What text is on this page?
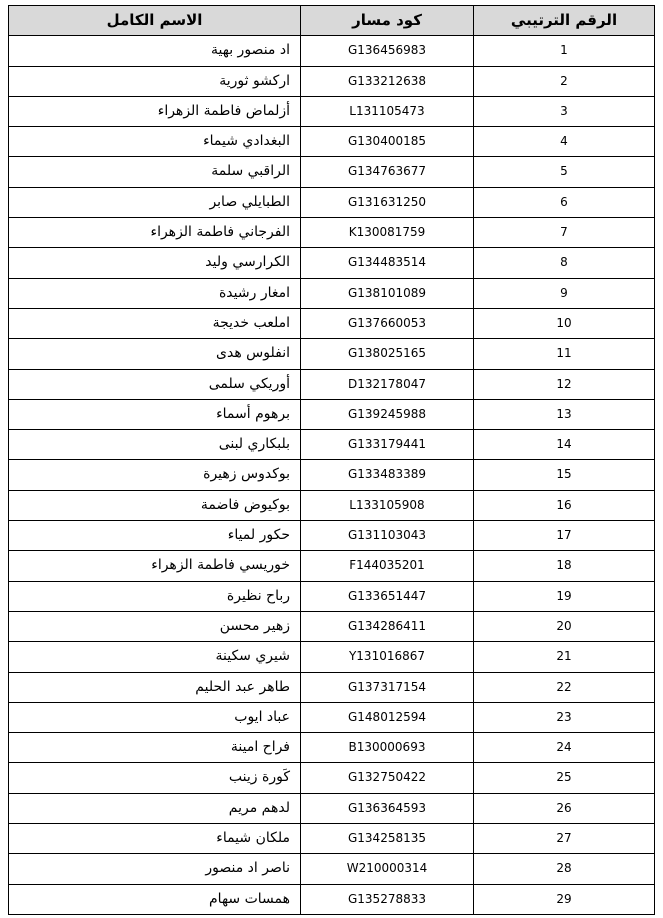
الرقم الترتيبي	كود مسار	الاسم الكامل
1	G136456983	اد منصور بهية
2	G133212638	اركشو ثورية
3	L131105473	أزلماض فاطمة الزهراء
4	G130400185	البغدادي شيماء
5	G134763677	الراقبي سلمة
6	G131631250	الطبايلي صابر
7	K130081759	الفرجاني فاطمة الزهراء
8	G134483514	الكرارسي وليد
9	G138101089	امغار رشيدة
10	G137660053	املعب خديجة
11	G138025165	انفلوس هدى
12	D132178047	أوريكي سلمى
13	G139245988	برهوم أسماء
14	G133179441	بلبكاري لبنى
15	G133483389	بوكدوس زهيرة
16	L133105908	بوكيوض فاضمة
17	G131103043	حكور لمياء
18	F144035201	خوريسي فاطمة الزهراء
19	G133651447	رباح نظيرة
20	G134286411	زهير محسن
21	Y131016867	شيري سكينة
22	G137317154	طاهر عبد الحليم
23	G148012594	عباد ايوب
24	B130000693	فراح امينة
25	G132750422	كَورة زينب
26	G136364593	لدهم مريم
27	G134258135	ملكان شيماء
28	W210000314	ناصر اد منصور
29	G135278833	همسات سهام
